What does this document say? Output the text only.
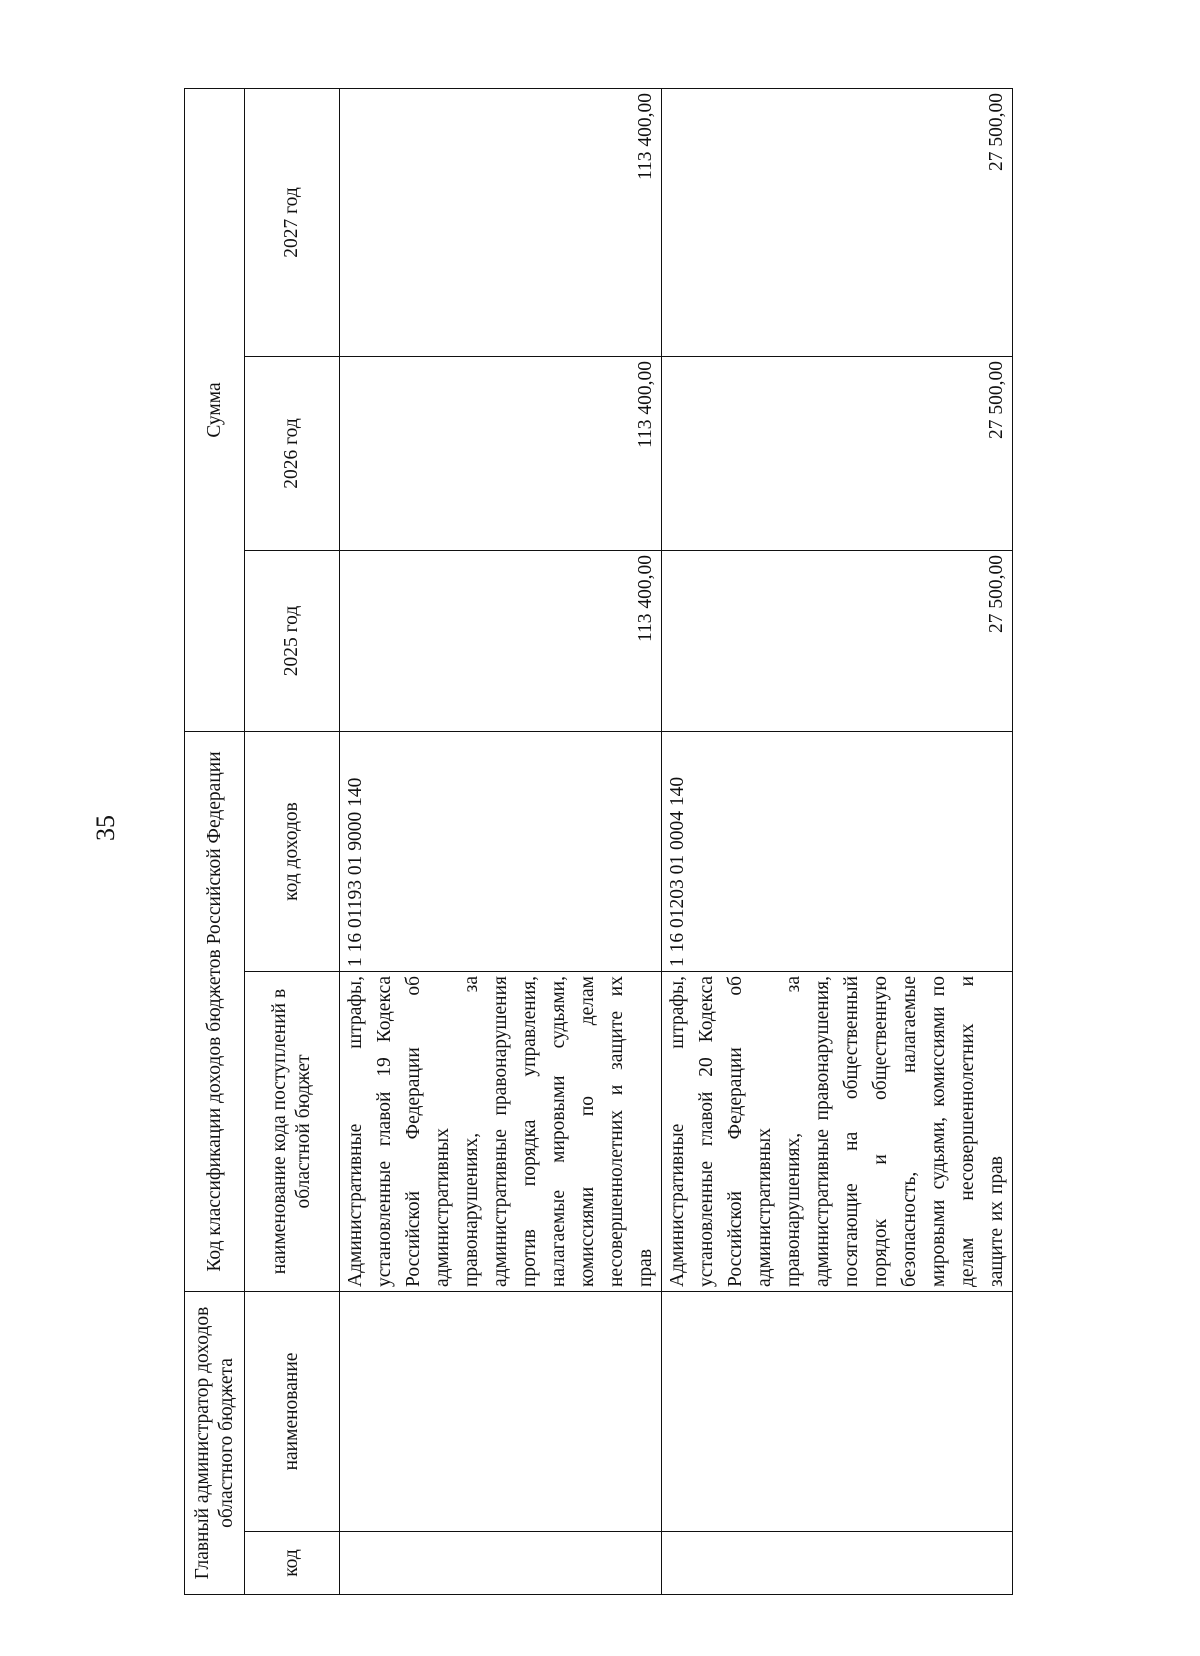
35
Главный администратор доходов областного бюджета		Код классификации доходов бюджетов Российской Федерации		Сумма		
код	наименование	наименование кода поступлений в областной бюджет	код доходов	2025 год	2026 год	2027 год
		Административные штрафы, установленные главой 19 Кодекса Российской Федерации об административных правонарушениях, за административные правонарушения против порядка управления, налагаемые мировыми судьями, комиссиями по делам несовершеннолетних и защите их прав	1 16 01193 01 9000 140	113 400,00	113 400,00	113 400,00
		Административные штрафы, установленные главой 20 Кодекса Российской Федерации об административных правонарушениях, за административные правонарушения, посягающие на общественный порядок и общественную безопасность, налагаемые мировыми судьями, комиссиями по делам несовершеннолетних и защите их прав	1 16 01203 01 0004 140	27 500,00	27 500,00	27 500,00
